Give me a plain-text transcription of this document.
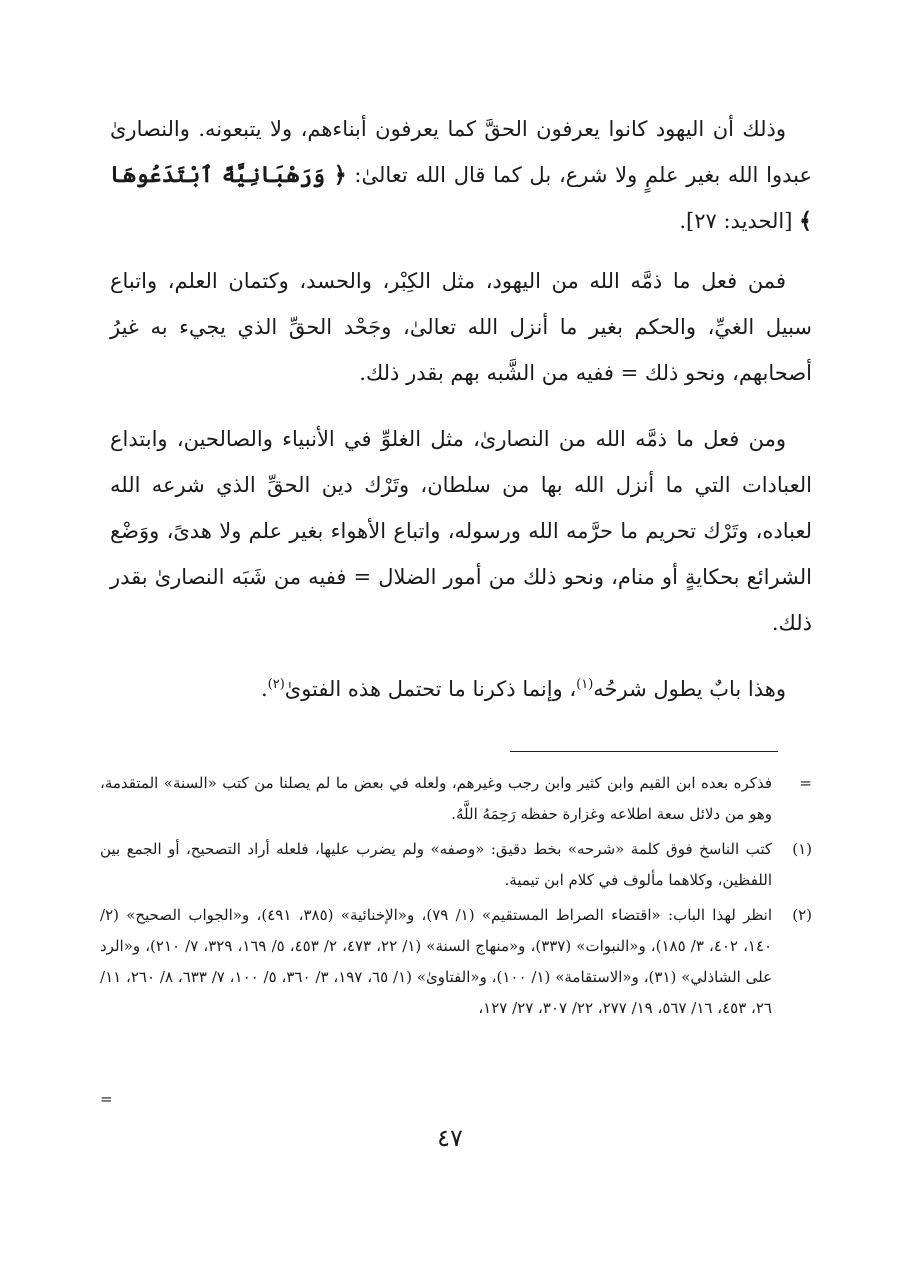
وذلك أن اليهود كانوا يعرفون الحقَّ كما يعرفون أبناءهم، ولا يتبعونه. والنصارىٰ عبدوا الله بغير علمٍ ولا شرع، بل كما قال الله تعالىٰ: ﴿ وَرَهْبَانِيَّةً ٱبْتَدَعُوهَا ﴾ [الحديد: ٢٧].

فمن فعل ما ذمَّه الله من اليهود، مثل الكِبْر، والحسد، وكتمان العلم، واتباع سبيل الغيِّ، والحكم بغير ما أنزل الله تعالىٰ، وجَحْد الحقِّ الذي يجيء به غيرُ أصحابهم، ونحو ذلك = ففيه من الشَّبه بهم بقدر ذلك.

ومن فعل ما ذمَّه الله من النصارىٰ، مثل الغلوِّ في الأنبياء والصالحين، وابتداع العبادات التي ما أنزل الله بها من سلطان، وتَرْك دين الحقِّ الذي شرعه الله لعباده، وتَرْك تحريم ما حرَّمه الله ورسوله، واتباع الأهواء بغير علم ولا هدىً، ووَضْع الشرائع بحكايةٍ أو منام، ونحو ذلك من أمور الضلال = ففيه من شَبَه النصارىٰ بقدر ذلك.

وهذا بابٌ يطول شرحُه$^{(١)}$، وإنما ذكرنا ما تحتمل هذه الفتوىٰ$^{(٢)}$.

=
فذكره بعده ابن القيم وابن كثير وابن رجب وغيرهم، ولعله في بعض ما لم يصلنا من كتب «السنة» المتقدمة، وهو من دلائل سعة اطلاعه وغزارة حفظه رَحِمَهُ اللَّهُ.
(١)
كتب الناسخ فوق كلمة «شرحه» بخط دقيق: «وصفه» ولم يضرب عليها، فلعله أراد التصحيح، أو الجمع بين اللفظين، وكلاهما مألوف في كلام ابن تيمية.
(٢)
انظر لهذا الباب: «اقتضاء الصراط المستقيم» (١/ ٧٩)، و«الإخنائية» (٣٨٥، ٤٩١)، و«الجواب الصحيح» (٢/ ١٤٠، ٤٠٢، ٣/ ١٨٥)، و«النبوات» (٣٣٧)، و«منهاج السنة» (١/ ٢٢، ٤٧٣، ٢/ ٤٥٣، ٥/ ١٦٩، ٣٢٩، ٧/ ٢١٠)، و«الرد على الشاذلي» (٣١)، و«الاستقامة» (١/ ١٠٠)، و«الفتاوىٰ» (١/ ٦٥، ١٩٧، ٣/ ٣٦٠، ٥/ ١٠٠، ٧/ ٦٣٣، ٨/ ٢٦٠، ١١/ ٢٦، ٤٥٣، ١٦/ ٥٦٧، ١٩/ ٢٧٧، ٢٢/ ٣٠٧، ٢٧/ ١٢٧،
=
٤٧
